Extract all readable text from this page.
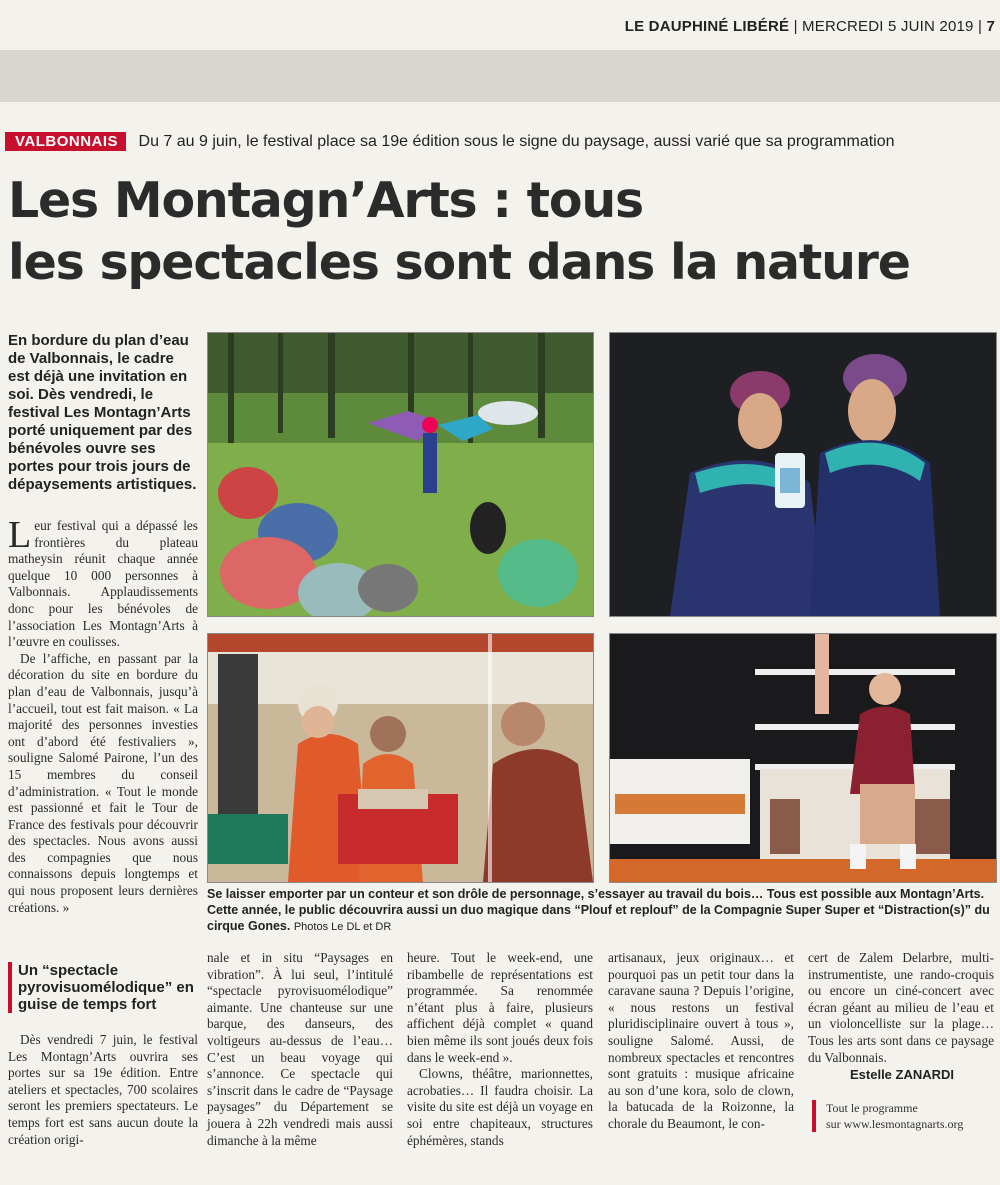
LE DAUPHINÉ LIBÉRÉ | MERCREDI 5 JUIN 2019 | 7
VALBONNAIS Du 7 au 9 juin, le festival place sa 19e édition sous le signe du paysage, aussi varié que sa programmation
Les Montagn’Arts : tous
les spectacles sont dans la nature
En bordure du plan d’eau de Valbonnais, le cadre est déjà une invitation en soi. Dès vendredi, le festival Les Montagn’Arts porté uniquement par des bénévoles ouvre ses portes pour trois jours de dépaysements artistiques.

Leur festival qui a dépassé les frontières du plateau matheysin réunit chaque année quelque 10 000 personnes à Valbonnais. Applaudissements donc pour les bénévoles de l’association Les Montagn’Arts à l’œuvre en coulisses.

De l’affiche, en passant par la décoration du site en bordure du plan d’eau de Valbonnais, jusqu’à l’accueil, tout est fait maison. « La majorité des personnes investies ont d’abord été festivaliers », souligne Salomé Pairone, l’un des 15 membres du conseil d’administration. « Tout le monde est passionné et fait le Tour de France des festivals pour découvrir des spectacles. Nous avons aussi des compagnies que nous connaissons depuis longtemps et qui nous proposent leurs dernières créations. »

Un “spectacle pyrovisuomélodique” en guise de temps fort

Dès vendredi 7 juin, le festival Les Montagn’Arts ouvrira ses portes sur sa 19e édition. Entre ateliers et spectacles, 700 scolaires seront les premiers spectateurs. Le temps fort est sans aucun doute la création origi-

Se laisser emporter par un conteur et son drôle de personnage, s’essayer au travail du bois… Tous est possible aux Montagn’Arts. Cette année, le public découvrira aussi un duo magique dans “Plouf et replouf” de la Compagnie Super Super et “Distraction(s)” du cirque Gones. Photos Le DL et DR

nale et in situ “Paysages en vibration”. À lui seul, l’intitulé “spectacle pyrovisuomélodique” aimante. Une chanteuse sur une barque, des danseurs, des voltigeurs au-dessus de l’eau… C’est un beau voyage qui s’annonce. Ce spectacle qui s’inscrit dans le cadre de “Paysage paysages” du Département se jouera à 22h vendredi mais aussi dimanche à la même

heure. Tout le week-end, une ribambelle de représentations est programmée. Sa renommée n’étant plus à faire, plusieurs affichent déjà complet « quand bien même ils sont joués deux fois dans le week-end ».

Clowns, théâtre, marionnettes, acrobaties… Il faudra choisir. La visite du site est déjà un voyage en soi entre chapiteaux, structures éphémères, stands

artisanaux, jeux originaux… et pourquoi pas un petit tour dans la caravane sauna ? Depuis l’origine, « nous restons un festival pluridisciplinaire ouvert à tous », souligne Salomé. Aussi, de nombreux spectacles et rencontres sont gratuits : musique africaine au son d’une kora, solo de clown, la batucada de la Roizonne, la chorale du Beaumont, le con-

cert de Zalem Delarbre, multi-instrumentiste, une rando-croquis ou encore un ciné-concert avec écran géant au milieu de l’eau et un violoncelliste sur la plage… Tous les arts sont dans ce paysage du Valbonnais.

Estelle ZANARDI
Tout le programme
sur www.lesmontagnarts.org
